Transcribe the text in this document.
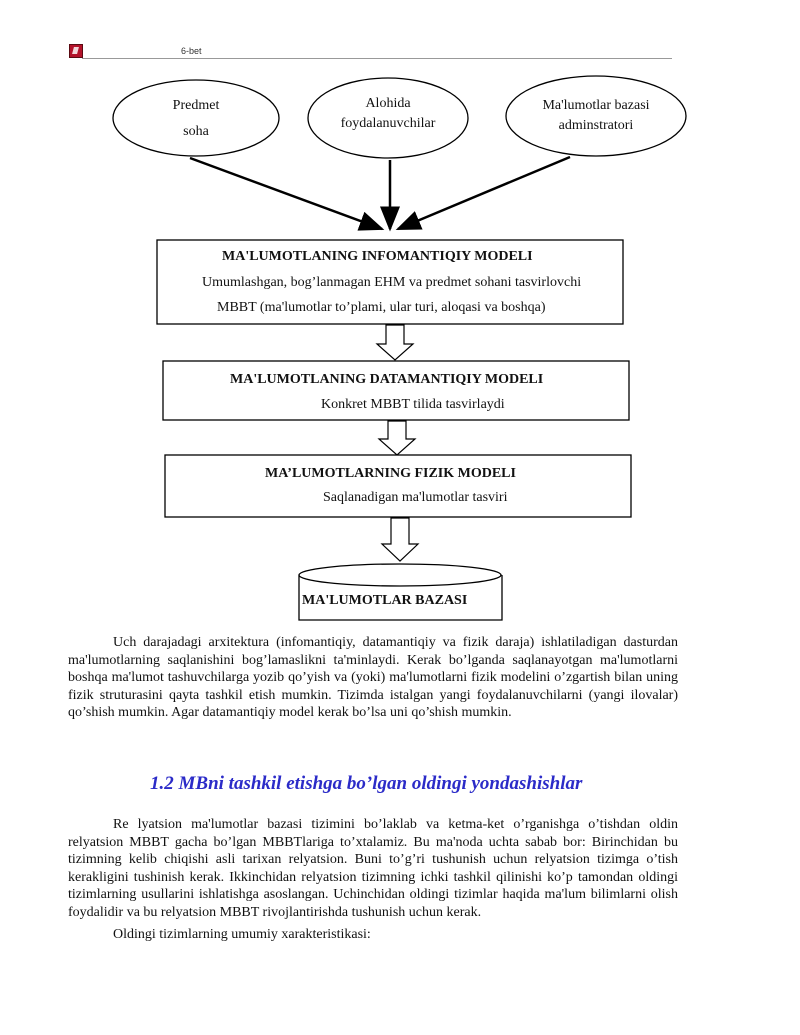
6-bet
Predmet
soha
Alohida
foydalanuvchilar
Ma'lumotlar bazasi
adminstratori
MA'LUMOTLANING INFOMANTIQIY MODELI
Umumlashgan, bog’lanmagan EHM va predmet sohani tasvirlovchi
MBBT (ma'lumotlar to’plami, ular turi, aloqasi va boshqa)
MA'LUMOTLANING DATAMANTIQIY MODELI
Konkret MBBT tilida tasvirlaydi
MA’LUMOTLARNING FIZIK MODELI
Saqlanadigan ma'lumotlar tasviri
MA'LUMOTLAR BAZASI
Uch darajadagi arxitektura (infomantiqiy, datamantiqiy va fizik daraja) ishlatiladigan dasturdan ma'lumotlarning saqlanishini bog’lamaslikni ta'minlaydi. Kerak bo’lganda saqlanayotgan ma'lumotlarni boshqa ma'lumot tashuvchilarga yozib qo’yish va (yoki) ma'lumotlarni fizik modelini o’zgartish bilan uning fizik struturasini qayta tashkil etish mumkin. Tizimda istalgan yangi foydalanuvchilarni (yangi ilovalar) qo’shish mumkin. Agar datamantiqiy model kerak bo’lsa uni qo’shish mumkin.
1.2 MBni tashkil etishga bo’lgan oldingi yondashishlar
Re lyatsion ma'lumotlar bazasi tizimini bo’laklab va ketma-ket o’rganishga o’tishdan oldin relyatsion MBBT gacha bo’lgan MBBTlariga to’xtalamiz. Bu ma'noda uchta sabab bor: Birinchidan bu tizimning kelib chiqishi asli tarixan relyatsion. Buni to’g’ri tushunish uchun relyatsion tizimga o’tish kerakligini tushinish kerak. Ikkinchidan relyatsion tizimning ichki tashkil qilinishi ko’p tamondan oldingi tizimlarning usullarini ishlatishga asoslangan. Uchinchidan oldingi tizimlar haqida ma'lum bilimlarni olish foydalidir va bu relyatsion MBBT rivojlantirishda tushunish uchun kerak.
Oldingi tizimlarning umumiy xarakteristikasi:
